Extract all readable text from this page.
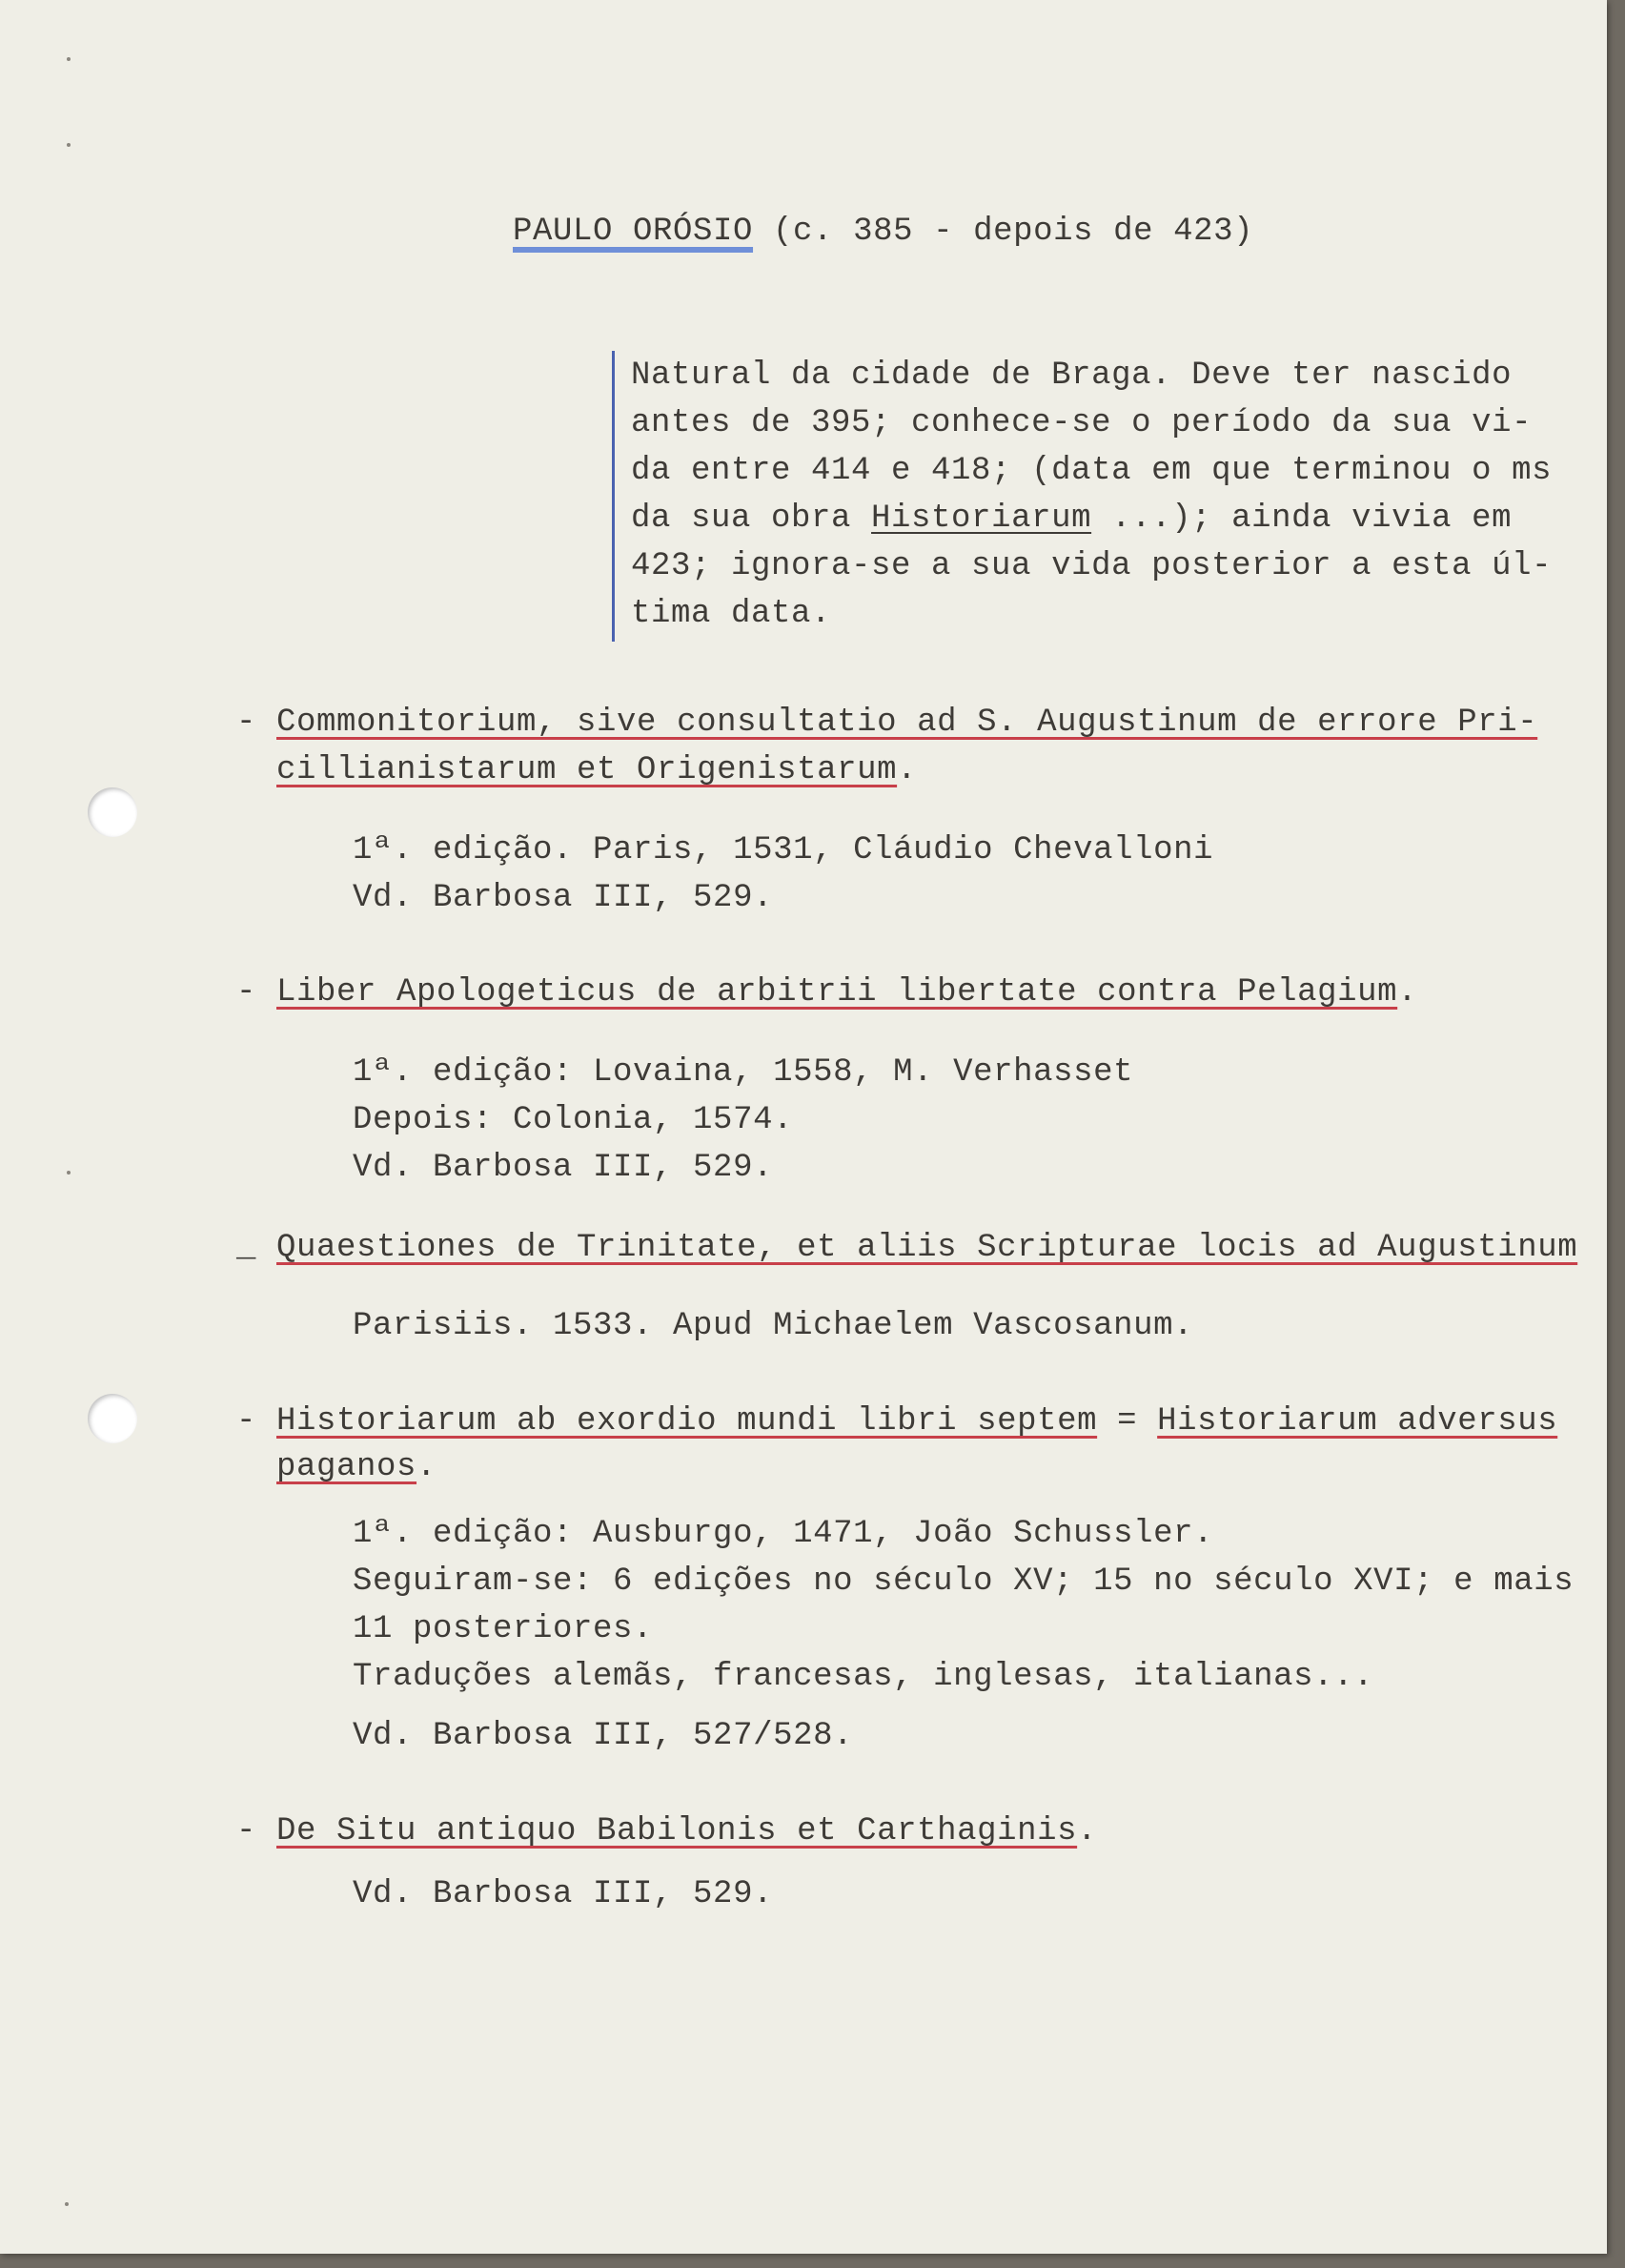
PAULO ORÓSIO (c. 385 - depois de 423)
Natural da cidade de Braga. Deve ter nascido
antes de 395; conhece-se o período da sua vi-
da entre 414 e 418; (data em que terminou o ms
da sua obra Historiarum ...); ainda vivia em
423; ignora-se a sua vida posterior a esta úl-
tima data.
- Commonitorium, sive consultatio ad S. Augustinum de errore Pri-
cillianistarum et Origenistarum.
1ª. edição. Paris, 1531, Cláudio Chevalloni
Vd. Barbosa III, 529.
- Liber Apologeticus de arbitrii libertate contra Pelagium.
1ª. edição: Lovaina, 1558, M. Verhasset
Depois: Colonia, 1574.
Vd. Barbosa III, 529.
_ Quaestiones de Trinitate, et aliis Scripturae locis ad Augustinum
Parisiis. 1533. Apud Michaelem Vascosanum.
- Historiarum ab exordio mundi libri septem = Historiarum adversus
paganos.
1ª. edição: Ausburgo, 1471, João Schussler.
Seguiram-se: 6 edições no século XV; 15 no século XVI; e mais
11 posteriores.
Traduções alemãs, francesas, inglesas, italianas...
Vd. Barbosa III, 527/528.
- De Situ antiquo Babilonis et Carthaginis.
Vd. Barbosa III, 529.
